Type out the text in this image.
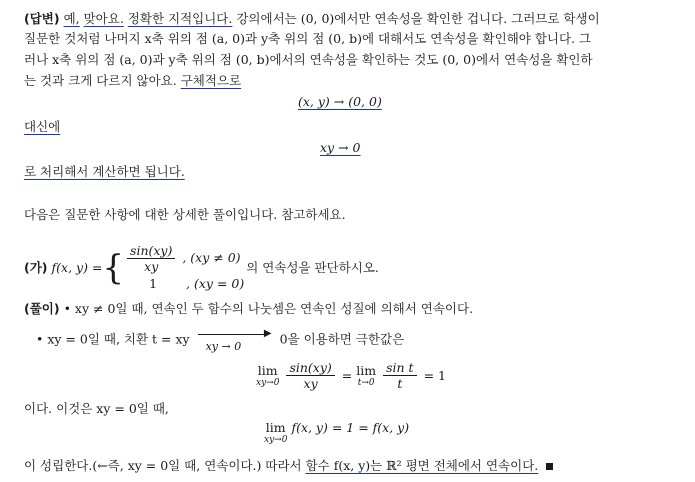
(답변) 예, 맞아요. 정확한 지적입니다. 강의에서는 (0, 0)에서만 연속성을 확인한 겁니다. 그러므로 학생이
질문한 것처럼 나머지 x축 위의 점 (a, 0)과 y축 위의 점 (0, b)에 대해서도 연속성을 확인해야 합니다. 그
러나 x축 위의 점 (a, 0)과 y축 위의 점 (0, b)에서의 연속성을 확인하는 것도 (0, 0)에서 연속성을 확인하
는 것과 크게 다르지 않아요. 구체적으로
(x, y) → (0, 0)
대신에
xy → 0
로 처리해서 계산하면 됩니다.
다음은 질문한 사항에 대한 상세한 풀이입니다. 참고하세요.
(가) f(x, y) = { $\frac{\sin(xy)}{xy}$ , (xy ≠ 0)
1 , (xy = 0)
의 연속성을 판단하시오.
(풀이) • xy ≠ 0일 때, 연속인 두 함수의 나눗셈은 연속인 성질에 의해서 연속이다.
• xy = 0일 때, 치환 t = xy	▶
xy → 0	0을 이용하면 극한값은
lim
$xy\to 0 \frac{\sin(xy)}{xy} = \lim$
$t\to 0 \frac{\text{sin t}}{t} = 1$
이다. 이것은 xy = 0일 때,
lim
xy→0
f(x, y) = 1 = f(x, y)
이 성립한다.(←즉, xy = 0일 때, 연속이다.) 따라서 함수 f(x, y)는 ℝ² 평면 전체에서 연속이다.
